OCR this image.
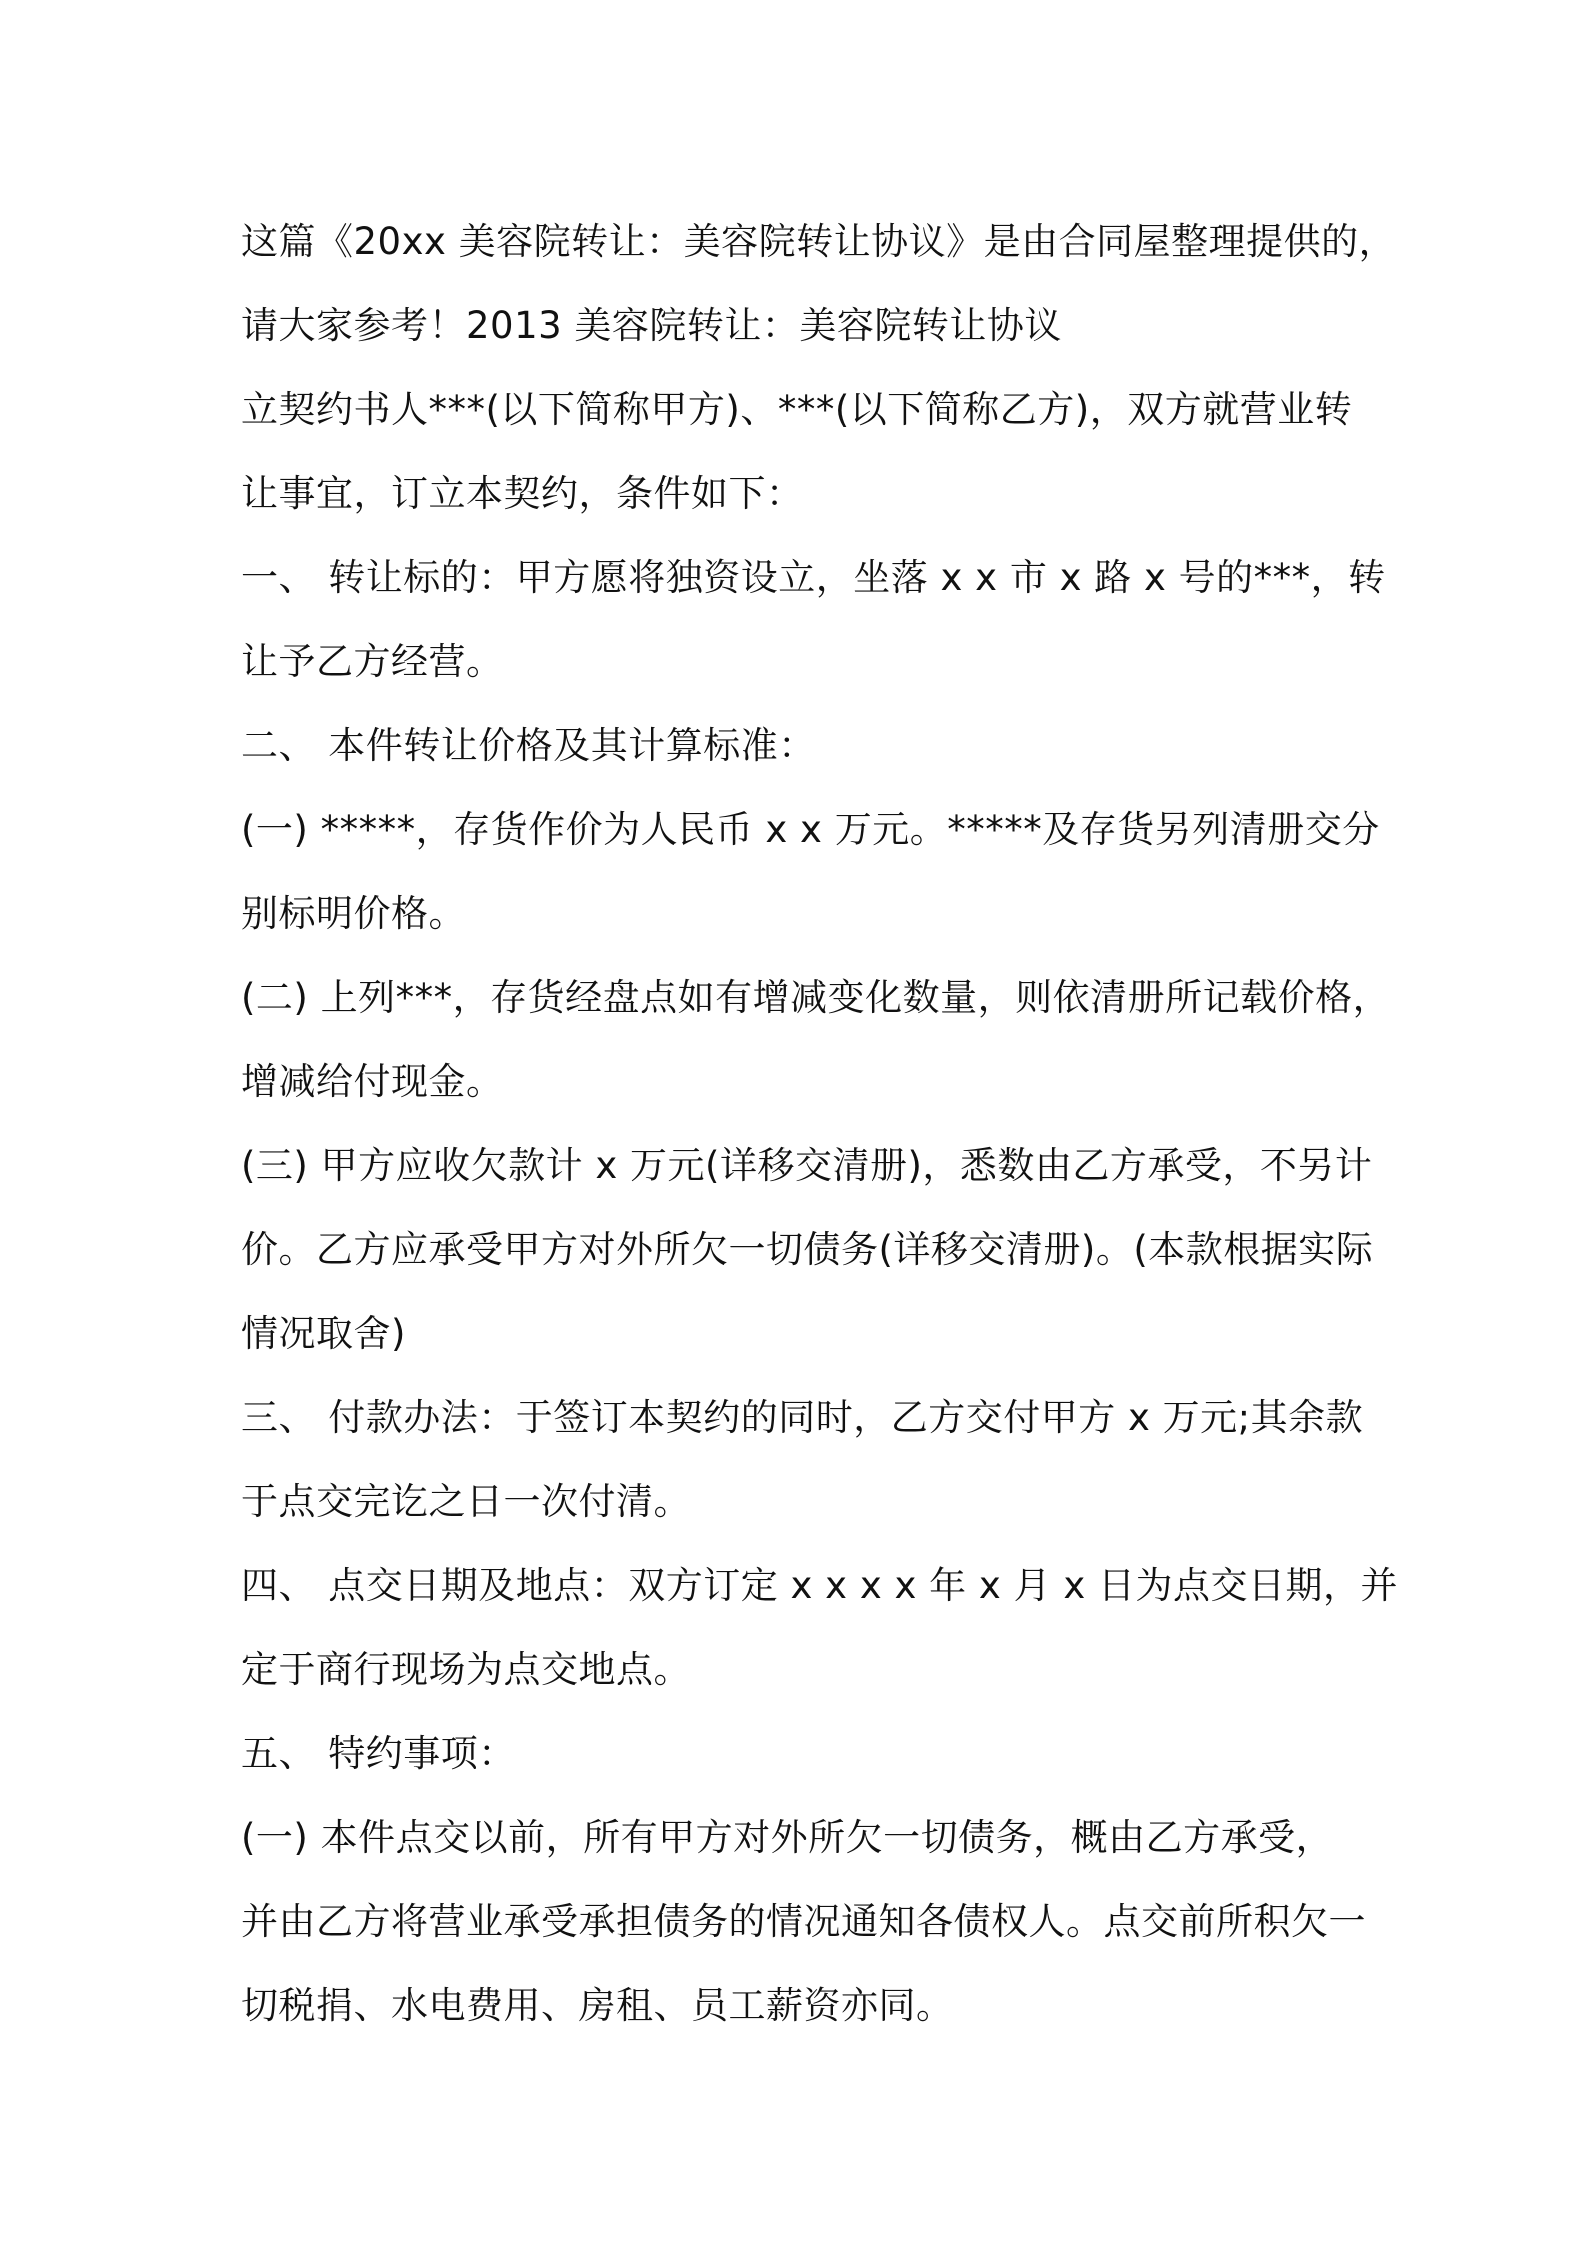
这篇《20xx 美容院转让：美容院转让协议》是由合同屋整理提供的，
请大家参考！2013 美容院转让：美容院转让协议
立契约书人***(以下简称甲方)、***(以下简称乙方)，双方就营业转
让事宜，订立本契约，条件如下：
一、 转让标的：甲方愿将独资设立，坐落 x x 市 x 路 x 号的***，转
让予乙方经营。
二、 本件转让价格及其计算标准：
(一) *****，存货作价为人民币 x x 万元。*****及存货另列清册交分
别标明价格。
(二) 上列***，存货经盘点如有增减变化数量，则依清册所记载价格，
增减给付现金。
(三) 甲方应收欠款计 x 万元(详移交清册)，悉数由乙方承受，不另计
价。乙方应承受甲方对外所欠一切债务(详移交清册)。(本款根据实际
情况取舍)
三、 付款办法：于签订本契约的同时，乙方交付甲方 x 万元;其余款
于点交完讫之日一次付清。
四、 点交日期及地点：双方订定 x x x x 年 x 月 x 日为点交日期，并
定于商行现场为点交地点。
五、 特约事项：
(一) 本件点交以前，所有甲方对外所欠一切债务，概由乙方承受，
并由乙方将营业承受承担债务的情况通知各债权人。点交前所积欠一
切税捐、水电费用、房租、员工薪资亦同。
